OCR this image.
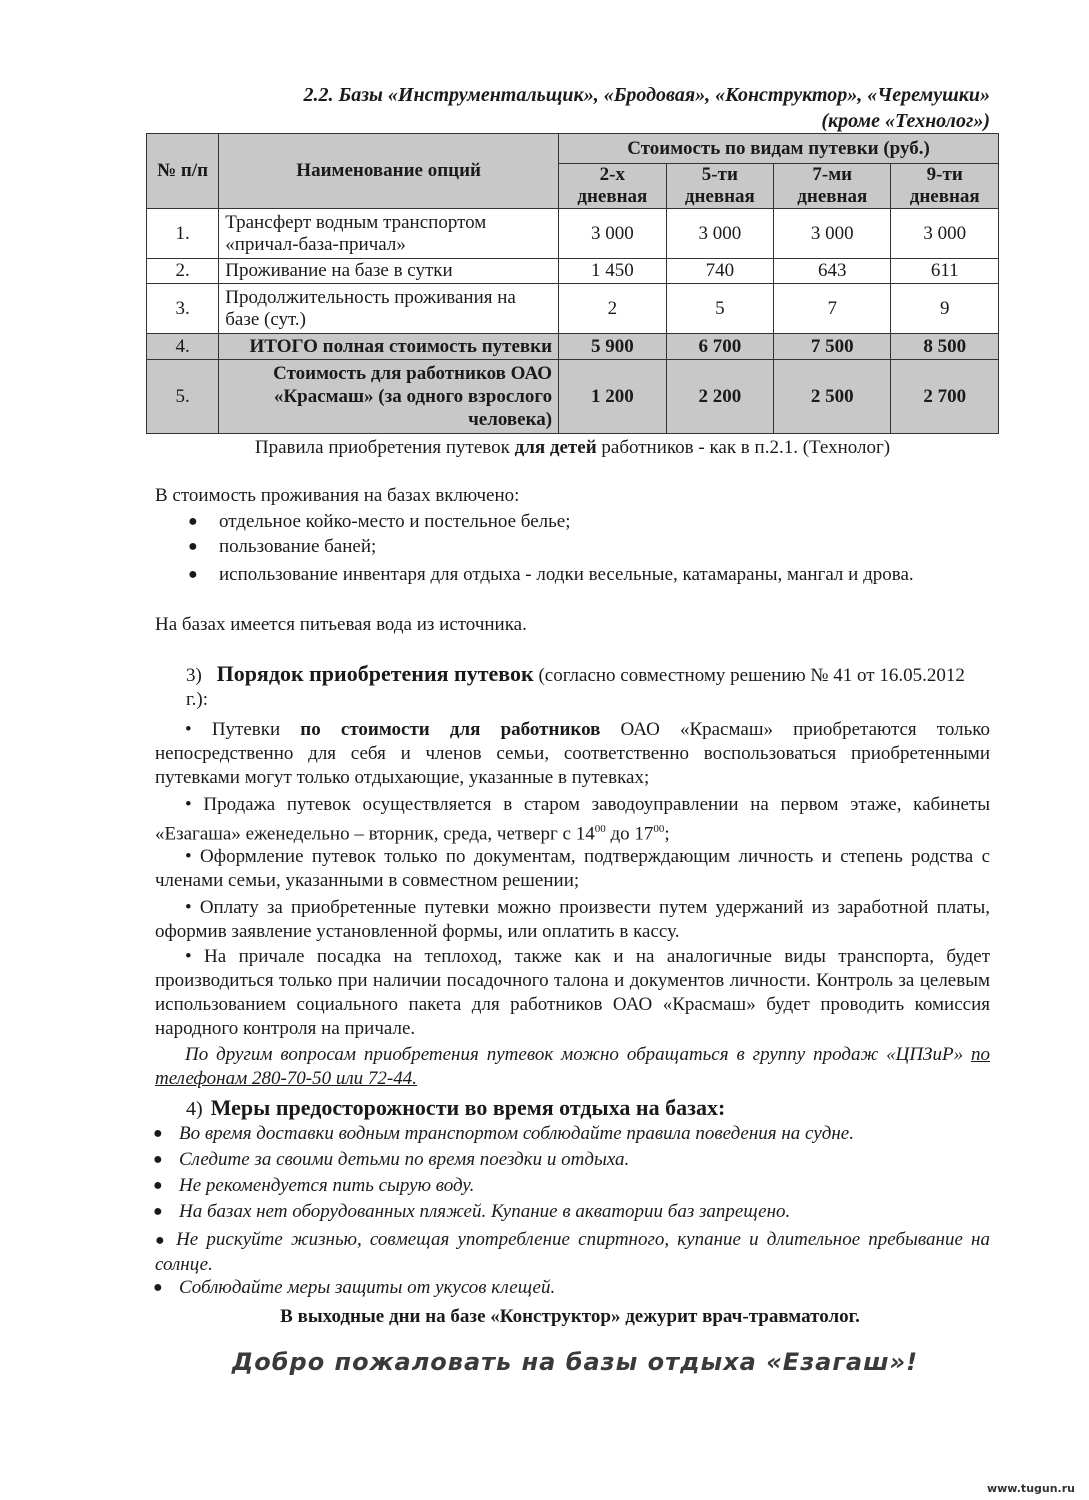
2.2. Базы «Инструментальщик», «Бродовая», «Конструктор», «Черемушки»
(кроме «Технолог»)
№ п/п	Наименование опций	Стоимость по видам путевки (руб.)			
		2-х дневная	5-ти дневная	7-ми дневная	9-ти дневная
1.	Трансферт водным транспортом «причал-база-причал»	3 000	3 000	3 000	3 000
2.	Проживание на базе в сутки	1 450	740	643	611
3.	Продолжительность проживания на базе (сут.)	2	5	7	9
4.	ИТОГО полная стоимость путевки	5 900	6 700	7 500	8 500
5.	Стоимость для работников ОАО «Красмаш» (за одного взрослого человека)	1 200	2 200	2 500	2 700
Правила приобретения путевок для детей работников - как в п.2.1. (Технолог)
В стоимость проживания на базах включено:
● отдельное койко-место и постельное белье;
● пользование баней;
● использование инвентаря для отдыха - лодки весельные, катамараны, мангал и дрова.
На базах имеется питьевая вода из источника.
3) Порядок приобретения путевок (согласно совместному решению № 41 от 16.05.2012 г.):
• Путевки по стоимости для работников ОАО «Красмаш» приобретаются только непосредственно для себя и членов семьи, соответственно воспользоваться приобретенными путевками могут только отдыхающие, указанные в путевках;
• Продажа путевок осуществляется в старом заводоуправлении на первом этаже, кабинеты «Езагаша» еженедельно – вторник, среда, четверг с $14^{00}$ до $17^{00}$;
• Оформление путевок только по документам, подтверждающим личность и степень родства с членами семьи, указанными в совместном решении;
• Оплату за приобретенные путевки можно произвести путем удержаний из заработной платы, оформив заявление установленной формы, или оплатить в кассу.
• На причале посадка на теплоход, также как и на аналогичные виды транспорта, будет производиться только при наличии посадочного талона и документов личности. Контроль за целевым использованием социального пакета для работников ОАО «Красмаш» будет проводить комиссия народного контроля на причале.
По другим вопросам приобретения путевок можно обращаться в группу продаж «ЦПЗиР» по телефонам 280-70-50 или 72-44.
4) Меры предосторожности во время отдыха на базах:
● Во время доставки водным транспортом соблюдайте правила поведения на судне.
● Следите за своими детьми по время поездки и отдыха.
● Не рекомендуется пить сырую воду.
● На базах нет оборудованных пляжей. Купание в акватории баз запрещено.
● Не рискуйте жизнью, совмещая употребление спиртного, купание и длительное пребывание на солнце.
● Соблюдайте меры защиты от укусов клещей.
В выходные дни на базе «Конструктор» дежурит врач-травматолог.
Добро пожаловать на базы отдыха «Езагаш»!
www.tugun.ru
